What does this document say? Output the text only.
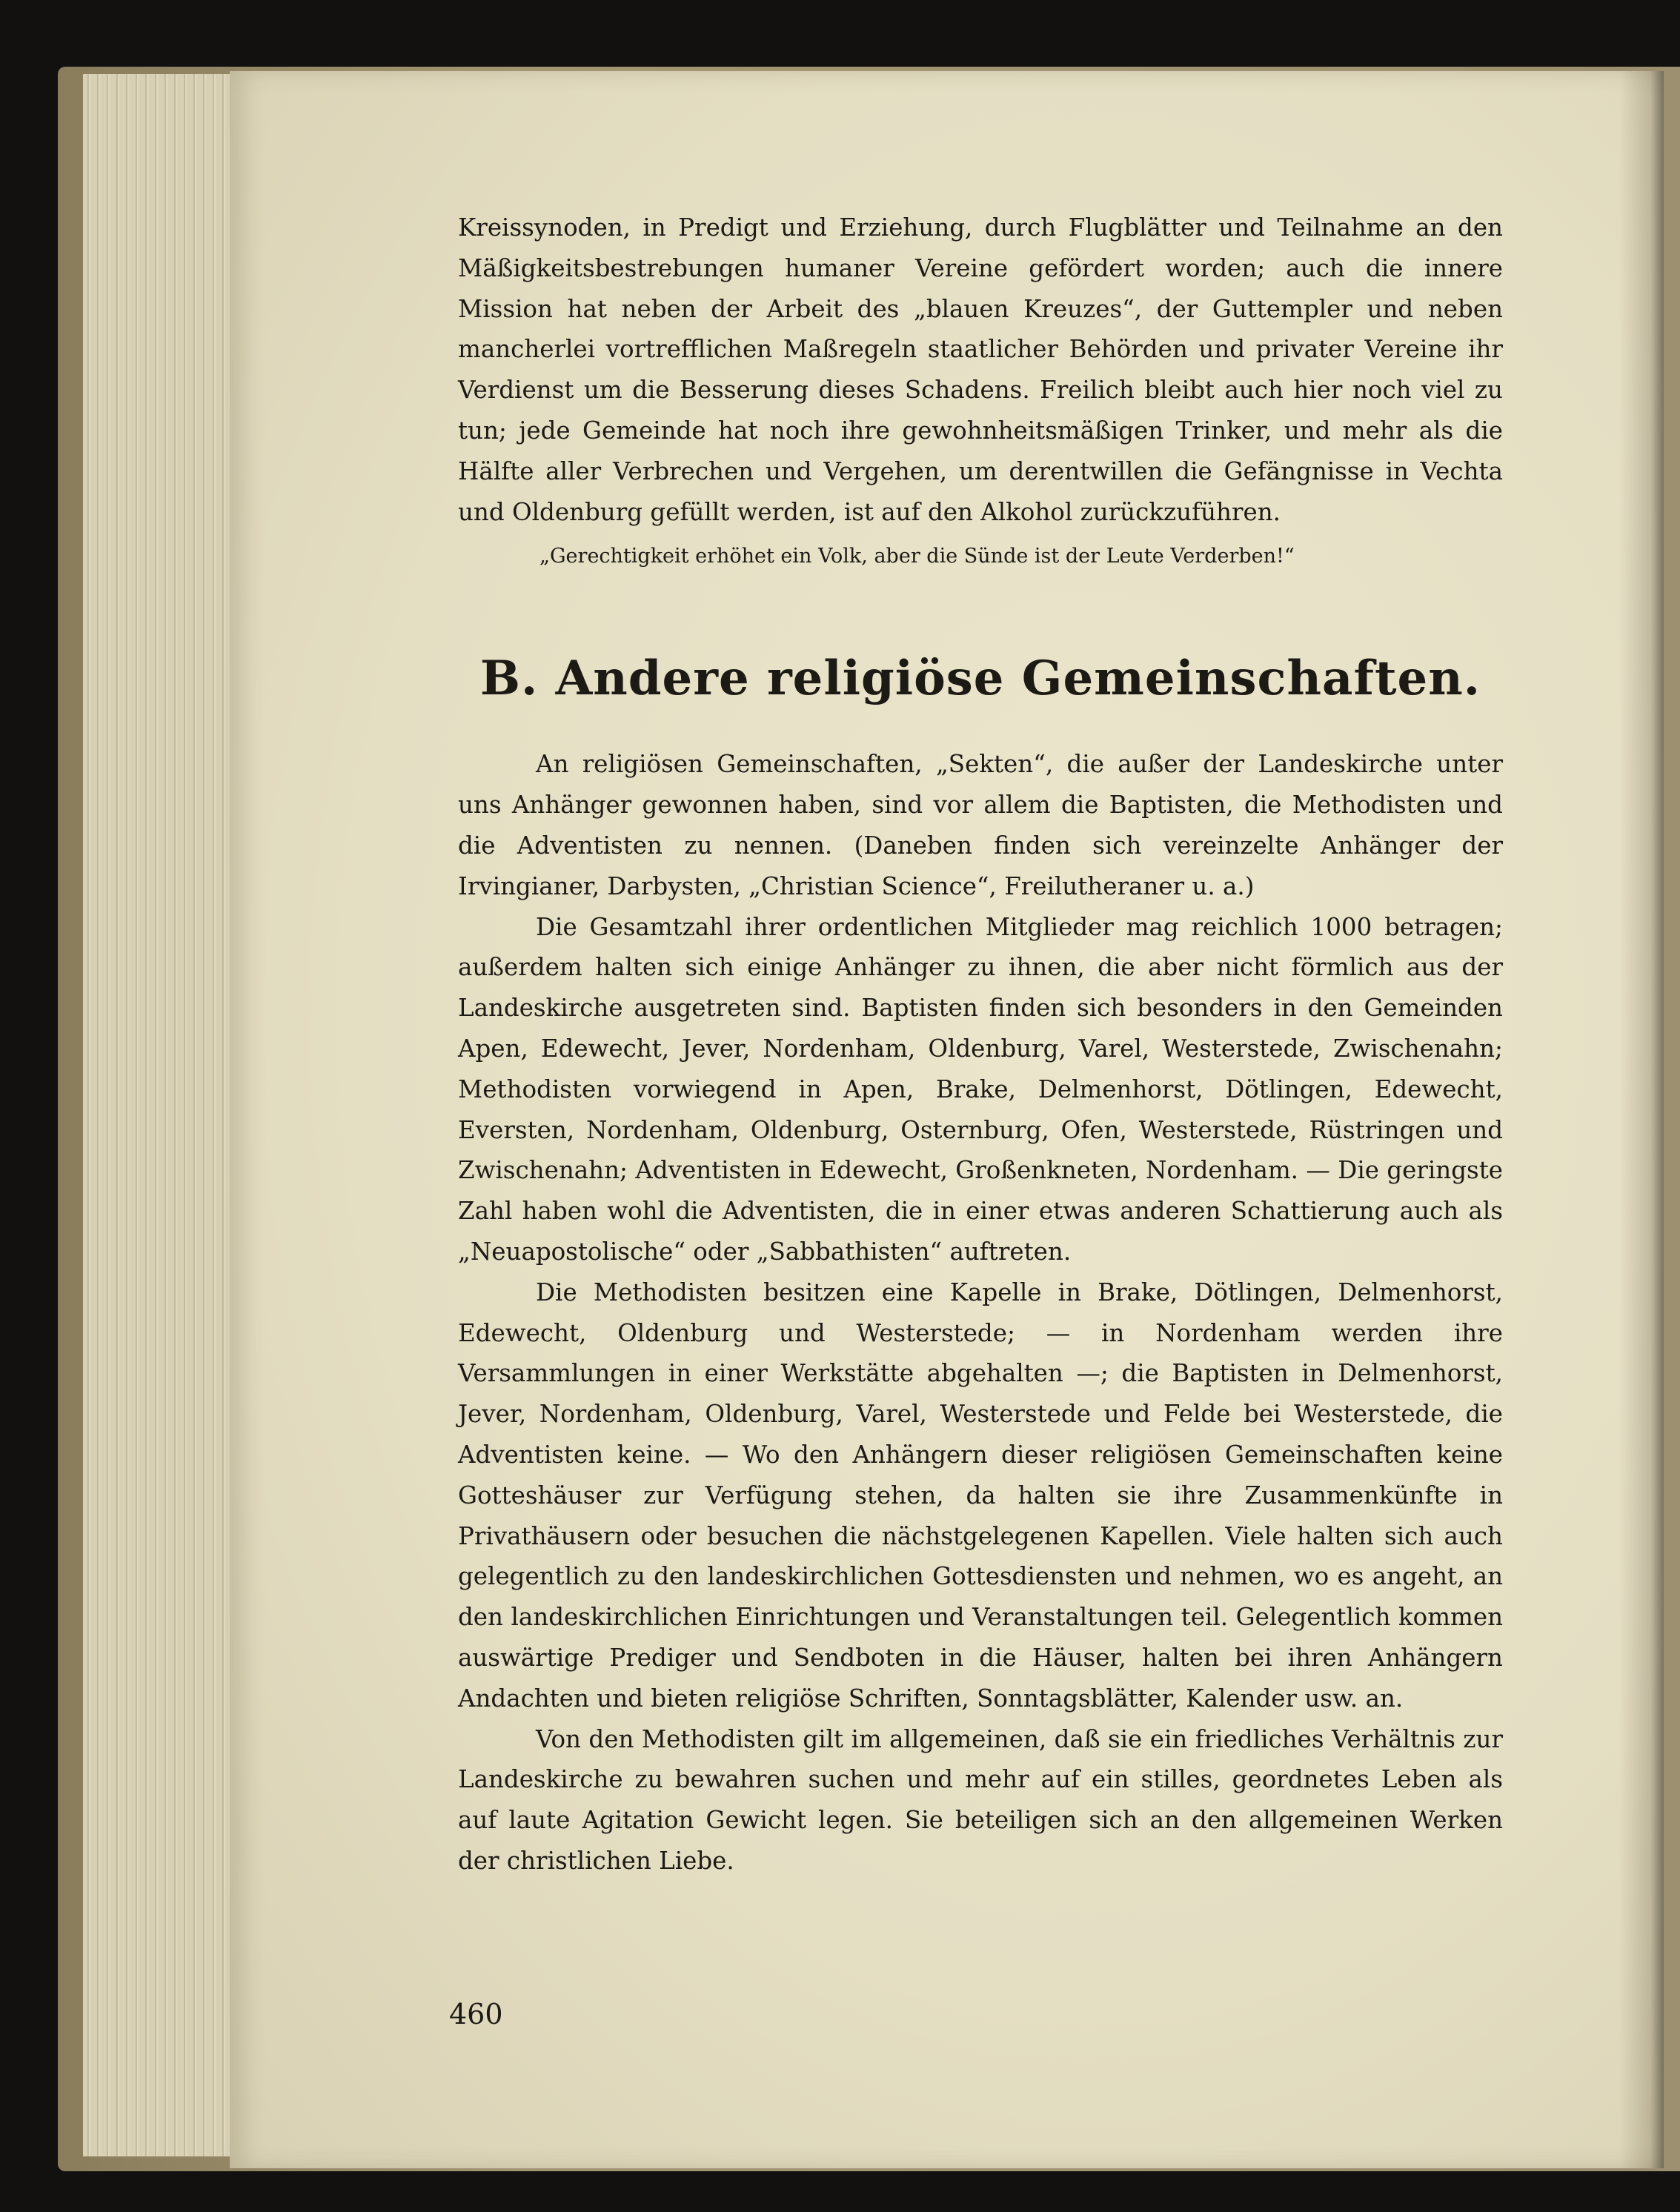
Kreissynoden, in Predigt und Erziehung, durch Flugblätter und Teilnahme an den Mäßigkeitsbestrebungen humaner Vereine gefördert worden; auch die innere Mission hat neben der Arbeit des „blauen Kreuzes“, der Guttempler und neben mancherlei vortrefflichen Maßregeln staatlicher Behörden und privater Vereine ihr Verdienst um die Besserung dieses Schadens. Freilich bleibt auch hier noch viel zu tun; jede Gemeinde hat noch ihre gewohnheitsmäßigen Trinker, und mehr als die Hälfte aller Verbrechen und Vergehen, um derentwillen die Gefängnisse in Vechta und Oldenburg gefüllt werden, ist auf den Alkohol zurückzuführen.

„Gerechtigkeit erhöhet ein Volk, aber die Sünde ist der Leute Verderben!“

B. Andere religiöse Gemeinschaften.

An religiösen Gemeinschaften, „Sekten“, die außer der Landeskirche unter uns Anhänger gewonnen haben, sind vor allem die Baptisten, die Methodisten und die Adventisten zu nennen. (Daneben finden sich vereinzelte Anhänger der Irvingianer, Darbysten, „Christian Science“, Freilutheraner u. a.)

Die Gesamtzahl ihrer ordentlichen Mitglieder mag reichlich 1000 betragen; außerdem halten sich einige Anhänger zu ihnen, die aber nicht förmlich aus der Landeskirche ausgetreten sind. Baptisten finden sich besonders in den Gemeinden Apen, Edewecht, Jever, Nordenham, Oldenburg, Varel, Westerstede, Zwischenahn; Methodisten vorwiegend in Apen, Brake, Delmenhorst, Dötlingen, Edewecht, Eversten, Nordenham, Oldenburg, Osternburg, Ofen, Westerstede, Rüstringen und Zwischenahn; Adventisten in Edewecht, Großenkneten, Nordenham. — Die geringste Zahl haben wohl die Adventisten, die in einer etwas anderen Schattierung auch als „Neuapostolische“ oder „Sabbathisten“ auftreten.

Die Methodisten besitzen eine Kapelle in Brake, Dötlingen, Delmenhorst, Edewecht, Oldenburg und Westerstede; — in Nordenham werden ihre Versammlungen in einer Werkstätte abgehalten —; die Baptisten in Delmenhorst, Jever, Nordenham, Oldenburg, Varel, Westerstede und Felde bei Westerstede, die Adventisten keine. — Wo den Anhängern dieser religiösen Gemeinschaften keine Gotteshäuser zur Verfügung stehen, da halten sie ihre Zusammenkünfte in Privathäusern oder besuchen die nächstgelegenen Kapellen. Viele halten sich auch gelegentlich zu den landeskirchlichen Gottesdiensten und nehmen, wo es angeht, an den landeskirchlichen Einrichtungen und Veranstaltungen teil. Gelegentlich kommen auswärtige Prediger und Sendboten in die Häuser, halten bei ihren Anhängern Andachten und bieten religiöse Schriften, Sonntagsblätter, Kalender usw. an.

Von den Methodisten gilt im allgemeinen, daß sie ein friedliches Verhältnis zur Landeskirche zu bewahren suchen und mehr auf ein stilles, geordnetes Leben als auf laute Agitation Gewicht legen. Sie beteiligen sich an den allgemeinen Werken der christlichen Liebe.

460
